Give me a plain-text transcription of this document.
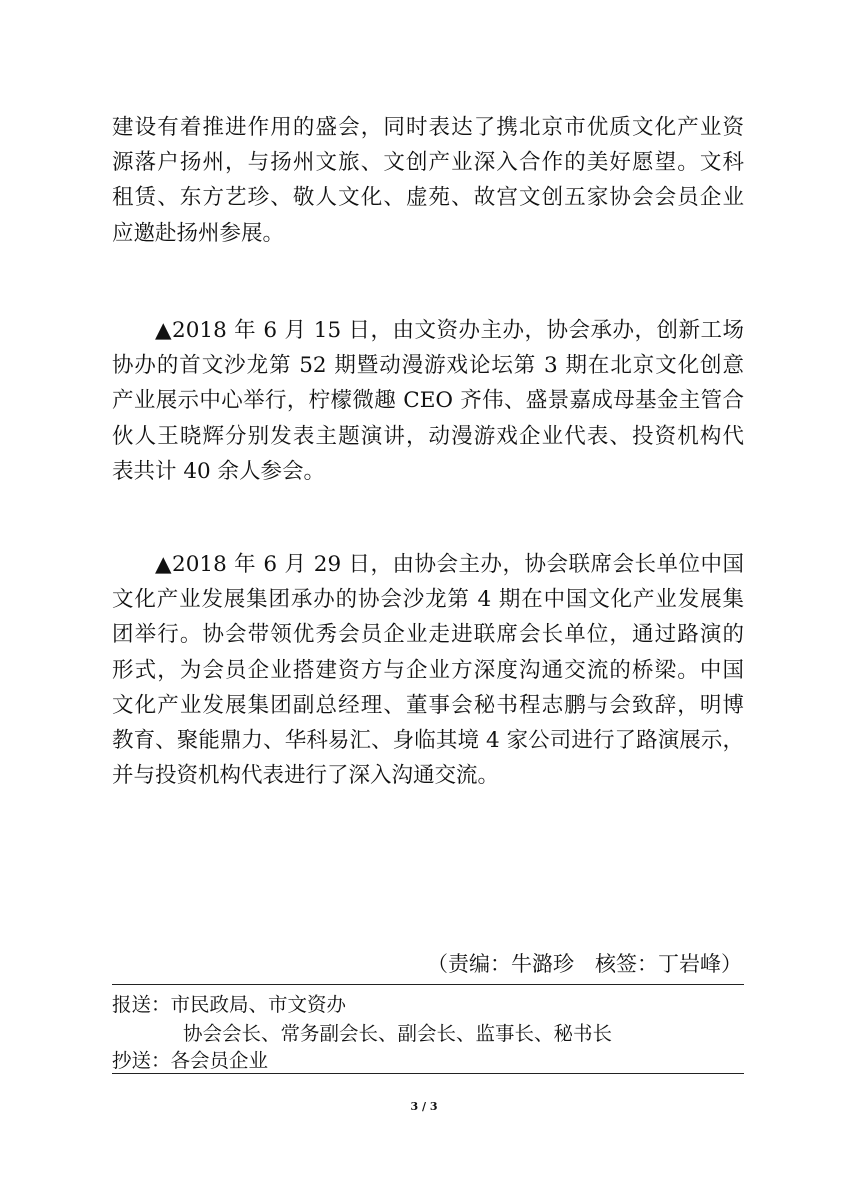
建设有着推进作用的盛会，同时表达了携北京市优质文化产业资
源落户扬州，与扬州文旅、文创产业深入合作的美好愿望。文科
租赁、东方艺珍、敬人文化、虚苑、故宫文创五家协会会员企业
应邀赴扬州参展。
▲2018 年 6 月 15 日，由文资办主办，协会承办，创新工场
协办的首文沙龙第 52 期暨动漫游戏论坛第 3 期在北京文化创意
产业展示中心举行，柠檬微趣 CEO 齐伟、盛景嘉成母基金主管合
伙人王晓辉分别发表主题演讲，动漫游戏企业代表、投资机构代
表共计 40 余人参会。
▲2018 年 6 月 29 日，由协会主办，协会联席会长单位中国
文化产业发展集团承办的协会沙龙第 4 期在中国文化产业发展集
团举行。协会带领优秀会员企业走进联席会长单位，通过路演的
形式，为会员企业搭建资方与企业方深度沟通交流的桥梁。中国
文化产业发展集团副总经理、董事会秘书程志鹏与会致辞，明博
教育、聚能鼎力、华科易汇、身临其境 4 家公司进行了路演展示，
并与投资机构代表进行了深入沟通交流。
（责编：牛潞珍　核签：丁岩峰）
报送：市民政局、市文资办
协会会长、常务副会长、副会长、监事长、秘书长
抄送：各会员企业
3 / 3
